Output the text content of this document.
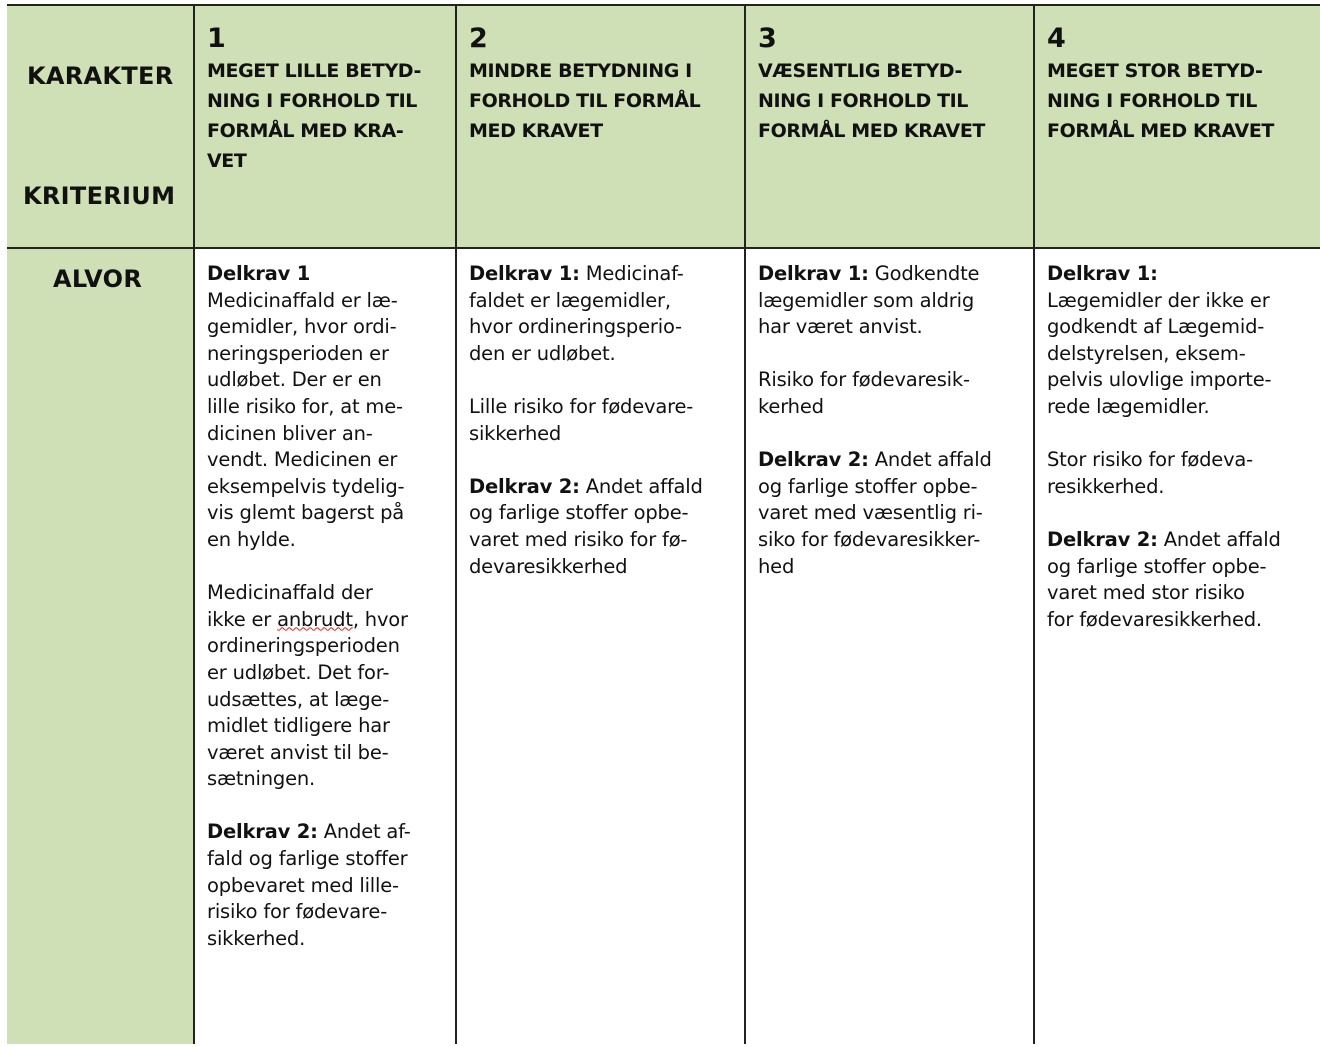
KARAKTER
KRITERIUM
1
MEGET LILLE BETYD-
NING I FORHOLD TIL
FORMÅL MED KRA-
VET
2
MINDRE BETYDNING I
FORHOLD TIL FORMÅL
MED KRAVET
3
VÆSENTLIG BETYD-
NING I FORHOLD TIL
FORMÅL MED KRAVET
4
MEGET STOR BETYD-
NING I FORHOLD TIL
FORMÅL MED KRAVET
ALVOR	Delkrav 1
Medicinaffald er læ-
gemidler, hvor ordi-
neringsperioden er
udløbet. Der er en
lille risiko for, at me-
dicinen bliver an-
vendt. Medicinen er
eksempelvis tydelig-
vis glemt bagerst på
en hylde.

Medicinaffald der
ikke er anbrudt, hvor
ordineringsperioden
er udløbet. Det for-
udsættes, at læge-
midlet tidligere har
været anvist til be-
sætningen.

Delkrav 2: Andet af-
fald og farlige stoffer
opbevaret med lille-
risiko for fødevare-
sikkerhed.

Delkrav 1: Medicinaf-
faldet er lægemidler,
hvor ordineringsperio-
den er udløbet.

Lille risiko for fødevare-
sikkerhed

Delkrav 2: Andet affald
og farlige stoffer opbe-
varet med risiko for fø-
devaresikkerhed

Delkrav 1: Godkendte
lægemidler som aldrig
har været anvist.

Risiko for fødevaresik-
kerhed

Delkrav 2: Andet affald
og farlige stoffer opbe-
varet med væsentlig ri-
siko for fødevaresikker-
hed

Delkrav 1:
Lægemidler der ikke er
godkendt af Lægemid-
delstyrelsen, eksem-
pelvis ulovlige importe-
rede lægemidler.

Stor risiko for fødeva-
resikkerhed.

Delkrav 2: Andet affald
og farlige stoffer opbe-
varet med stor risiko
for fødevaresikkerhed.
